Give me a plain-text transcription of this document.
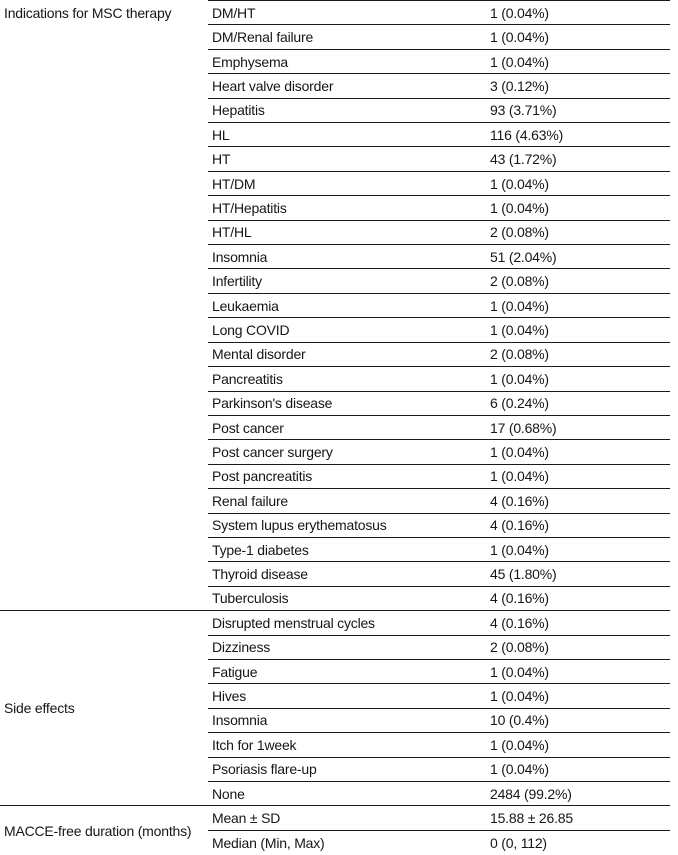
Indications for MSC therapy	DM/HT	1 (0.04%)
	DM/Renal failure	1 (0.04%)
	Emphysema	1 (0.04%)
	Heart valve disorder	3 (0.12%)
	Hepatitis	93 (3.71%)
	HL	116 (4.63%)
	HT	43 (1.72%)
	HT/DM	1 (0.04%)
	HT/Hepatitis	1 (0.04%)
	HT/HL	2 (0.08%)
	Insomnia	51 (2.04%)
	Infertility	2 (0.08%)
	Leukaemia	1 (0.04%)
	Long COVID	1 (0.04%)
	Mental disorder	2 (0.08%)
	Pancreatitis	1 (0.04%)
	Parkinson's disease	6 (0.24%)
	Post cancer	17 (0.68%)
	Post cancer surgery	1 (0.04%)
	Post pancreatitis	1 (0.04%)
	Renal failure	4 (0.16%)
	System lupus erythematosus	4 (0.16%)
	Type-1 diabetes	1 (0.04%)
	Thyroid disease	45 (1.80%)
	Tuberculosis	4 (0.16%)
Side effects	Disrupted menstrual cycles	4 (0.16%)
	Dizziness	2 (0.08%)
	Fatigue	1 (0.04%)
	Hives	1 (0.04%)
	Insomnia	10 (0.4%)
	Itch for 1week	1 (0.04%)
	Psoriasis flare-up	1 (0.04%)
	None	2484 (99.2%)
MACCE-free duration (months)	Mean ± SD	15.88 ± 26.85
	Median (Min, Max)	0 (0, 112)
